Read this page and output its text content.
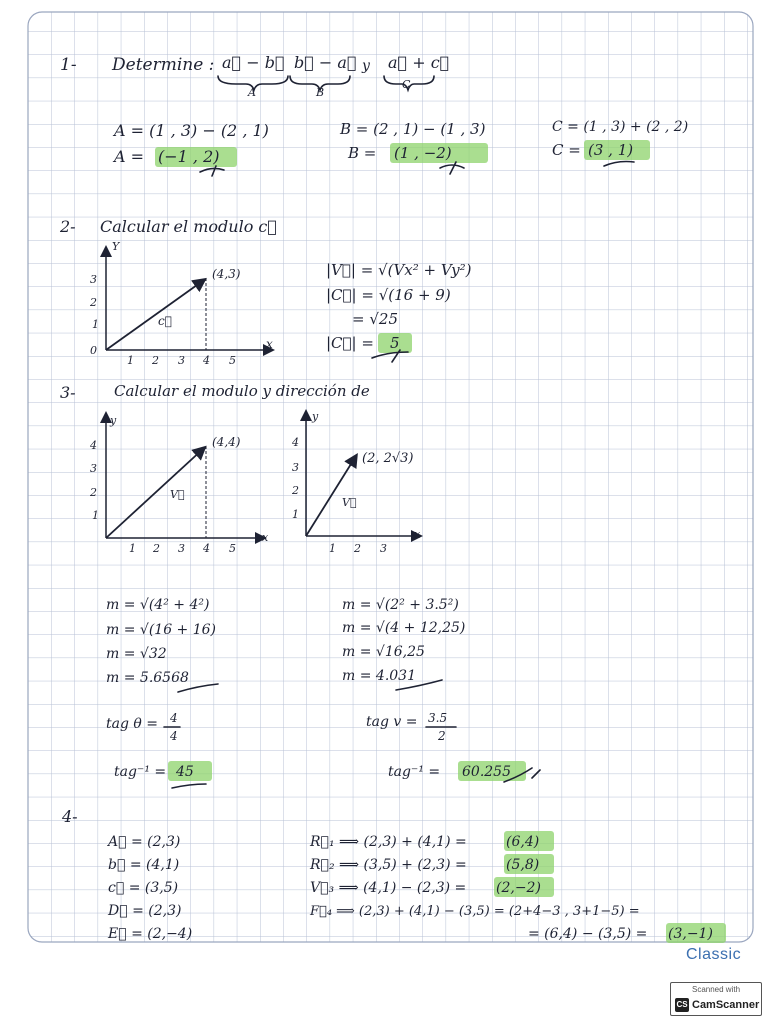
1- Determine : a⃗ − b⃗ b⃗ − a⃗ y a⃗ + c⃗
A	B
C
A = (1 , 3) − (2 , 1)
A = (−1 , 2)
B = (2 , 1) − (1 , 3)
B = (1 , −2)
C = (1 , 3) + (2 , 2)
C = (3 , 1)
2- Calcular el modulo c⃗
Y
x
3
2
1
0
1 2 3 4 5
(4,3)
c⃗
|V⃗| = √(Vx² + Vy²)
|C⃗| = √(16 + 9)
= √25
|C⃗| = 5
3-	Calcular el modulo y dirección de
y
x
4
3
2
1
1 2 3 4 5
(4,4)
V⃗
y
x
4
3
2
1
1 2 3
(2, 2√3)
V⃗
m = √(4² + 4²)
m = √(16 + 16)
m = √32
m = 5.6568
tag θ = 4
4
tag⁻¹ = 45
m = √(2² + 3.5²)
m = √(4 + 12,25)
m = √16,25
m = 4.031
tag v = 3.5
2
tag⁻¹ = 60.255
4-
A⃗ = (2,3)
b⃗ = (4,1)
c⃗ = (3,5)
D⃗ = (2,3)
E⃗ = (2,−4)
R⃗₁ ⟹ (2,3) + (4,1) =	(6,4)
R⃗₂ ⟹ (3,5) + (2,3) =	(5,8)
V⃗₃ ⟹ (4,1) − (2,3) = (2,−2)
F⃗₄ ⟹ (2,3) + (4,1) − (3,5) = (2+4−3 , 3+1−5) =
= (6,4) − (3,5) = (3,−1)
Classic
Scanned with
CS CamScanner
